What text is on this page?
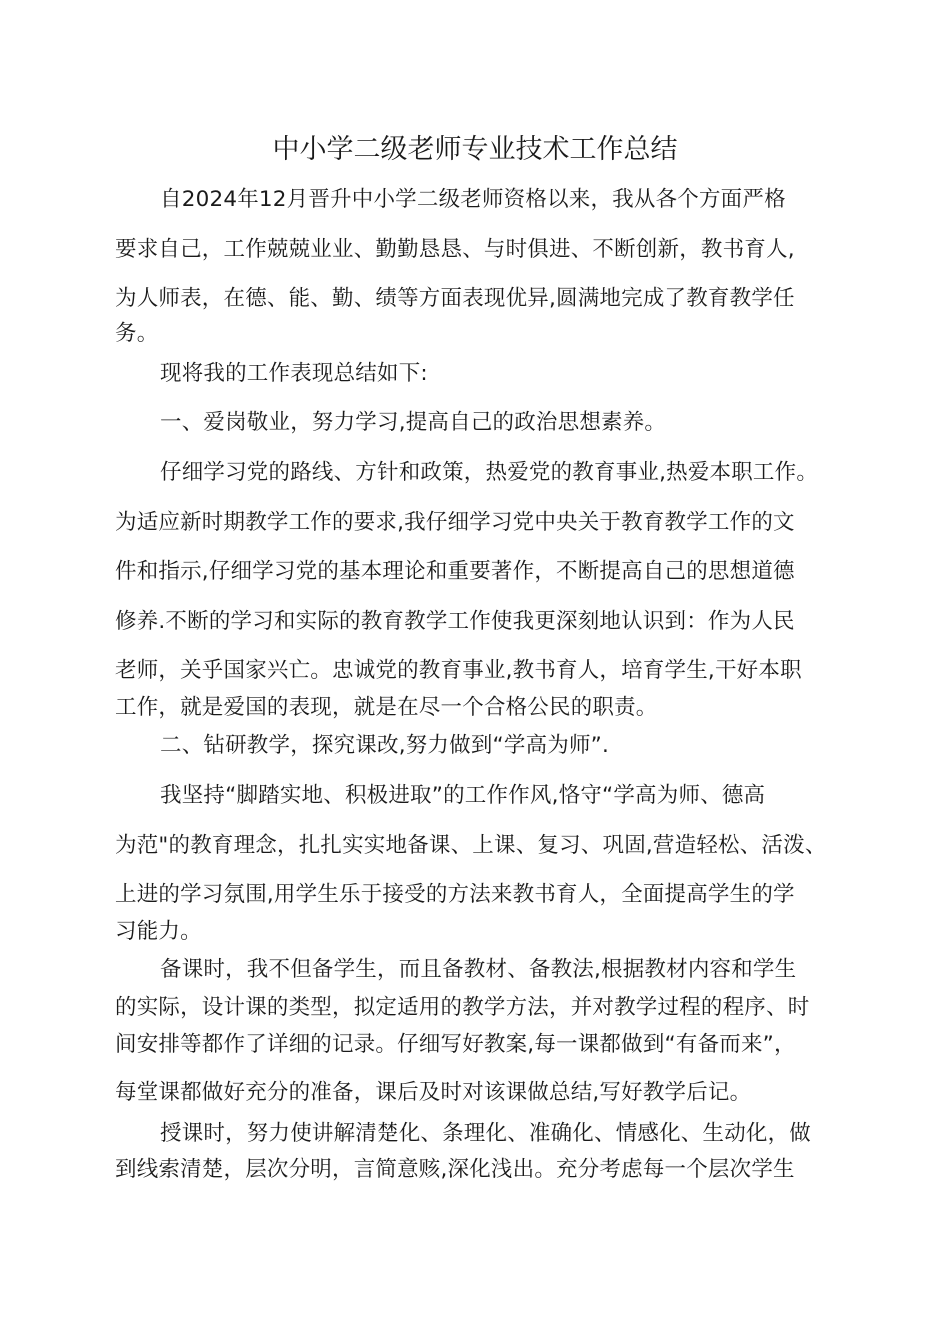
中小学二级老师专业技术工作总结
自2024年12月晋升中小学二级老师资格以来，我从各个方面严格
要求自己，工作兢兢业业、勤勤恳恳、与时俱进、不断创新，教书育人,
为人师表，在德、能、勤、绩等方面表现优异,圆满地完成了教育教学任
务。
现将我的工作表现总结如下:
一、爱岗敬业，努力学习,提高自己的政治思想素养。
仔细学习党的路线、方针和政策，热爱党的教育事业,热爱本职工作。
为适应新时期教学工作的要求,我仔细学习党中央关于教育教学工作的文
件和指示,仔细学习党的基本理论和重要著作，不断提高自己的思想道德
修养.不断的学习和实际的教育教学工作使我更深刻地认识到：作为人民
老师，关乎国家兴亡。忠诚党的教育事业,教书育人，培育学生,干好本职
工作，就是爱国的表现，就是在尽一个合格公民的职责。
二、钻研教学，探究课改,努力做到“学高为师”.
我坚持“脚踏实地、积极进取”的工作作风,恪守“学高为师、德高
为范"的教育理念，扎扎实实地备课、上课、复习、巩固,营造轻松、活泼、
上进的学习氛围,用学生乐于接受的方法来教书育人，全面提高学生的学
习能力。
备课时，我不但备学生，而且备教材、备教法,根据教材内容和学生
的实际，设计课的类型，拟定适用的教学方法，并对教学过程的程序、时
间安排等都作了详细的记录。仔细写好教案,每一课都做到“有备而来”，
每堂课都做好充分的准备，课后及时对该课做总结,写好教学后记。
授课时，努力使讲解清楚化、条理化、准确化、情感化、生动化，做
到线索清楚，层次分明，言简意赅,深化浅出。充分考虑每一个层次学生
